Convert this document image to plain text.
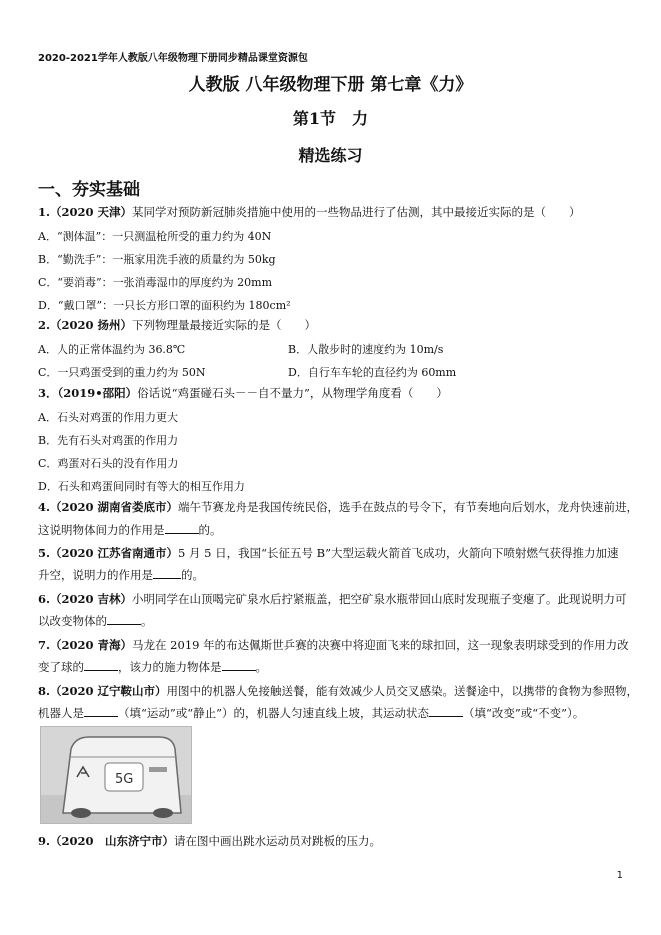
2020-2021学年人教版八年级物理下册同步精品课堂资源包
人教版 八年级物理下册 第七章《力》
第1节　力
精选练习
一、夯实基础
1.（2020 天津）某同学对预防新冠肺炎措施中使用的一些物品进行了估测，其中最接近实际的是（　　）
A．“测体温”：一只测温枪所受的重力约为 40N
B．“勤洗手”：一瓶家用洗手液的质量约为 50kg
C．“要消毒”：一张消毒湿巾的厚度约为 20mm
D．“戴口罩”：一只长方形口罩的面积约为 180cm²
2.（2020 扬州）下列物理量最接近实际的是（　　）
A．人的正常体温约为 36.8℃	B．人散步时的速度约为 10m/s
C．一只鸡蛋受到的重力约为 50N	D．自行车车轮的直径约为 60mm
3．（2019•邵阳）俗话说“鸡蛋碰石头－－自不量力”，从物理学角度看（　　）
A．石头对鸡蛋的作用力更大
B．先有石头对鸡蛋的作用力
C．鸡蛋对石头的没有作用力
D．石头和鸡蛋间同时有等大的相互作用力
4.（2020 湖南省娄底市）端午节赛龙舟是我国传统民俗，选手在鼓点的号令下，有节奏地向后划水，龙舟快速前进，
这说明物体间力的作用是	的。
5.（2020 江苏省南通市）5 月 5 日，我国“长征五号 B”大型运载火箭首飞成功，火箭向下喷射燃气获得推力加速
升空，说明力的作用是 的。
6.（2020 吉林）小明同学在山顶喝完矿泉水后拧紧瓶盖，把空矿泉水瓶带回山底时发现瓶子变瘪了。此现说明力可
以改变物体的	。
7.（2020 青海）马龙在 2019 年的布达佩斯世乒赛的决赛中将迎面飞来的球扣回，这一现象表明球受到的作用力改
变了球的	，该力的施力物体是	。
8.（2020 辽宁鞍山市）用图中的机器人免接触送餐，能有效减少人员交叉感染。送餐途中，以携带的食物为参照物，
机器人是	（填“运动”或“静止”）的，机器人匀速直线上坡，其运动状态	（填“改变”或“不变”）。
5G
9.（2020　山东济宁市）请在图中画出跳水运动员对跳板的压力。
1
